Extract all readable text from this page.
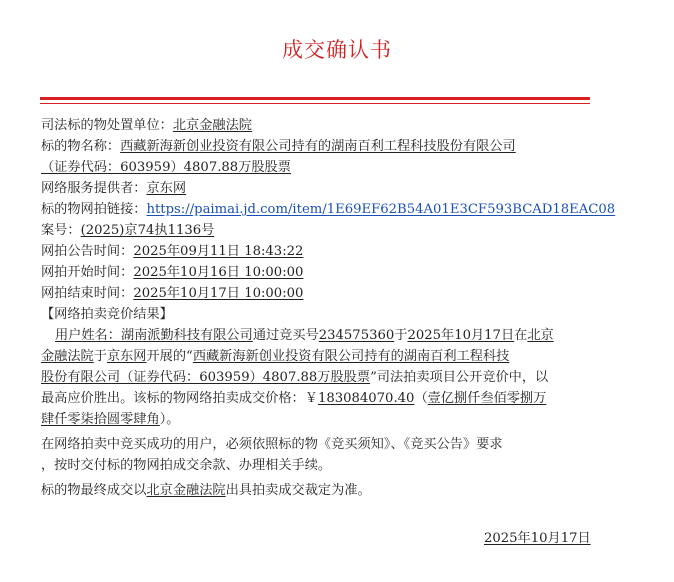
成交确认书
司法标的物处置单位：北京金融法院
标的物名称：西藏新海新创业投资有限公司持有的湖南百利工程科技股份有限公司
（证券代码：603959）4807.88万股股票
网络服务提供者：京东网
标的物网拍链接：https://paimai.jd.com/item/1E69EF62B54A01E3CF593BCAD18EAC08
案号：(2025)京74执1136号
网拍公告时间：2025年09月11日 18:43:22
网拍开始时间：2025年10月16日 10:00:00
网拍结束时间：2025年10月17日 10:00:00
【网络拍卖竞价结果】
用户姓名：湖南派勤科技有限公司通过竞买号234575360于2025年10月17日在北京
金融法院于京东网开展的“西藏新海新创业投资有限公司持有的湖南百利工程科技
股份有限公司（证券代码：603959）4807.88万股股票”司法拍卖项目公开竞价中，以
最高应价胜出。该标的物网络拍卖成交价格：￥183084070.40（壹亿捌仟叁佰零捌万
肆仟零柒拾圆零肆角）。
在网络拍卖中竞买成功的用户，必须依照标的物《竞买须知》、《竞买公告》要求
，按时交付标的物网拍成交余款、办理相关手续。
标的物最终成交以北京金融法院出具拍卖成交裁定为准。
2025年10月17日
